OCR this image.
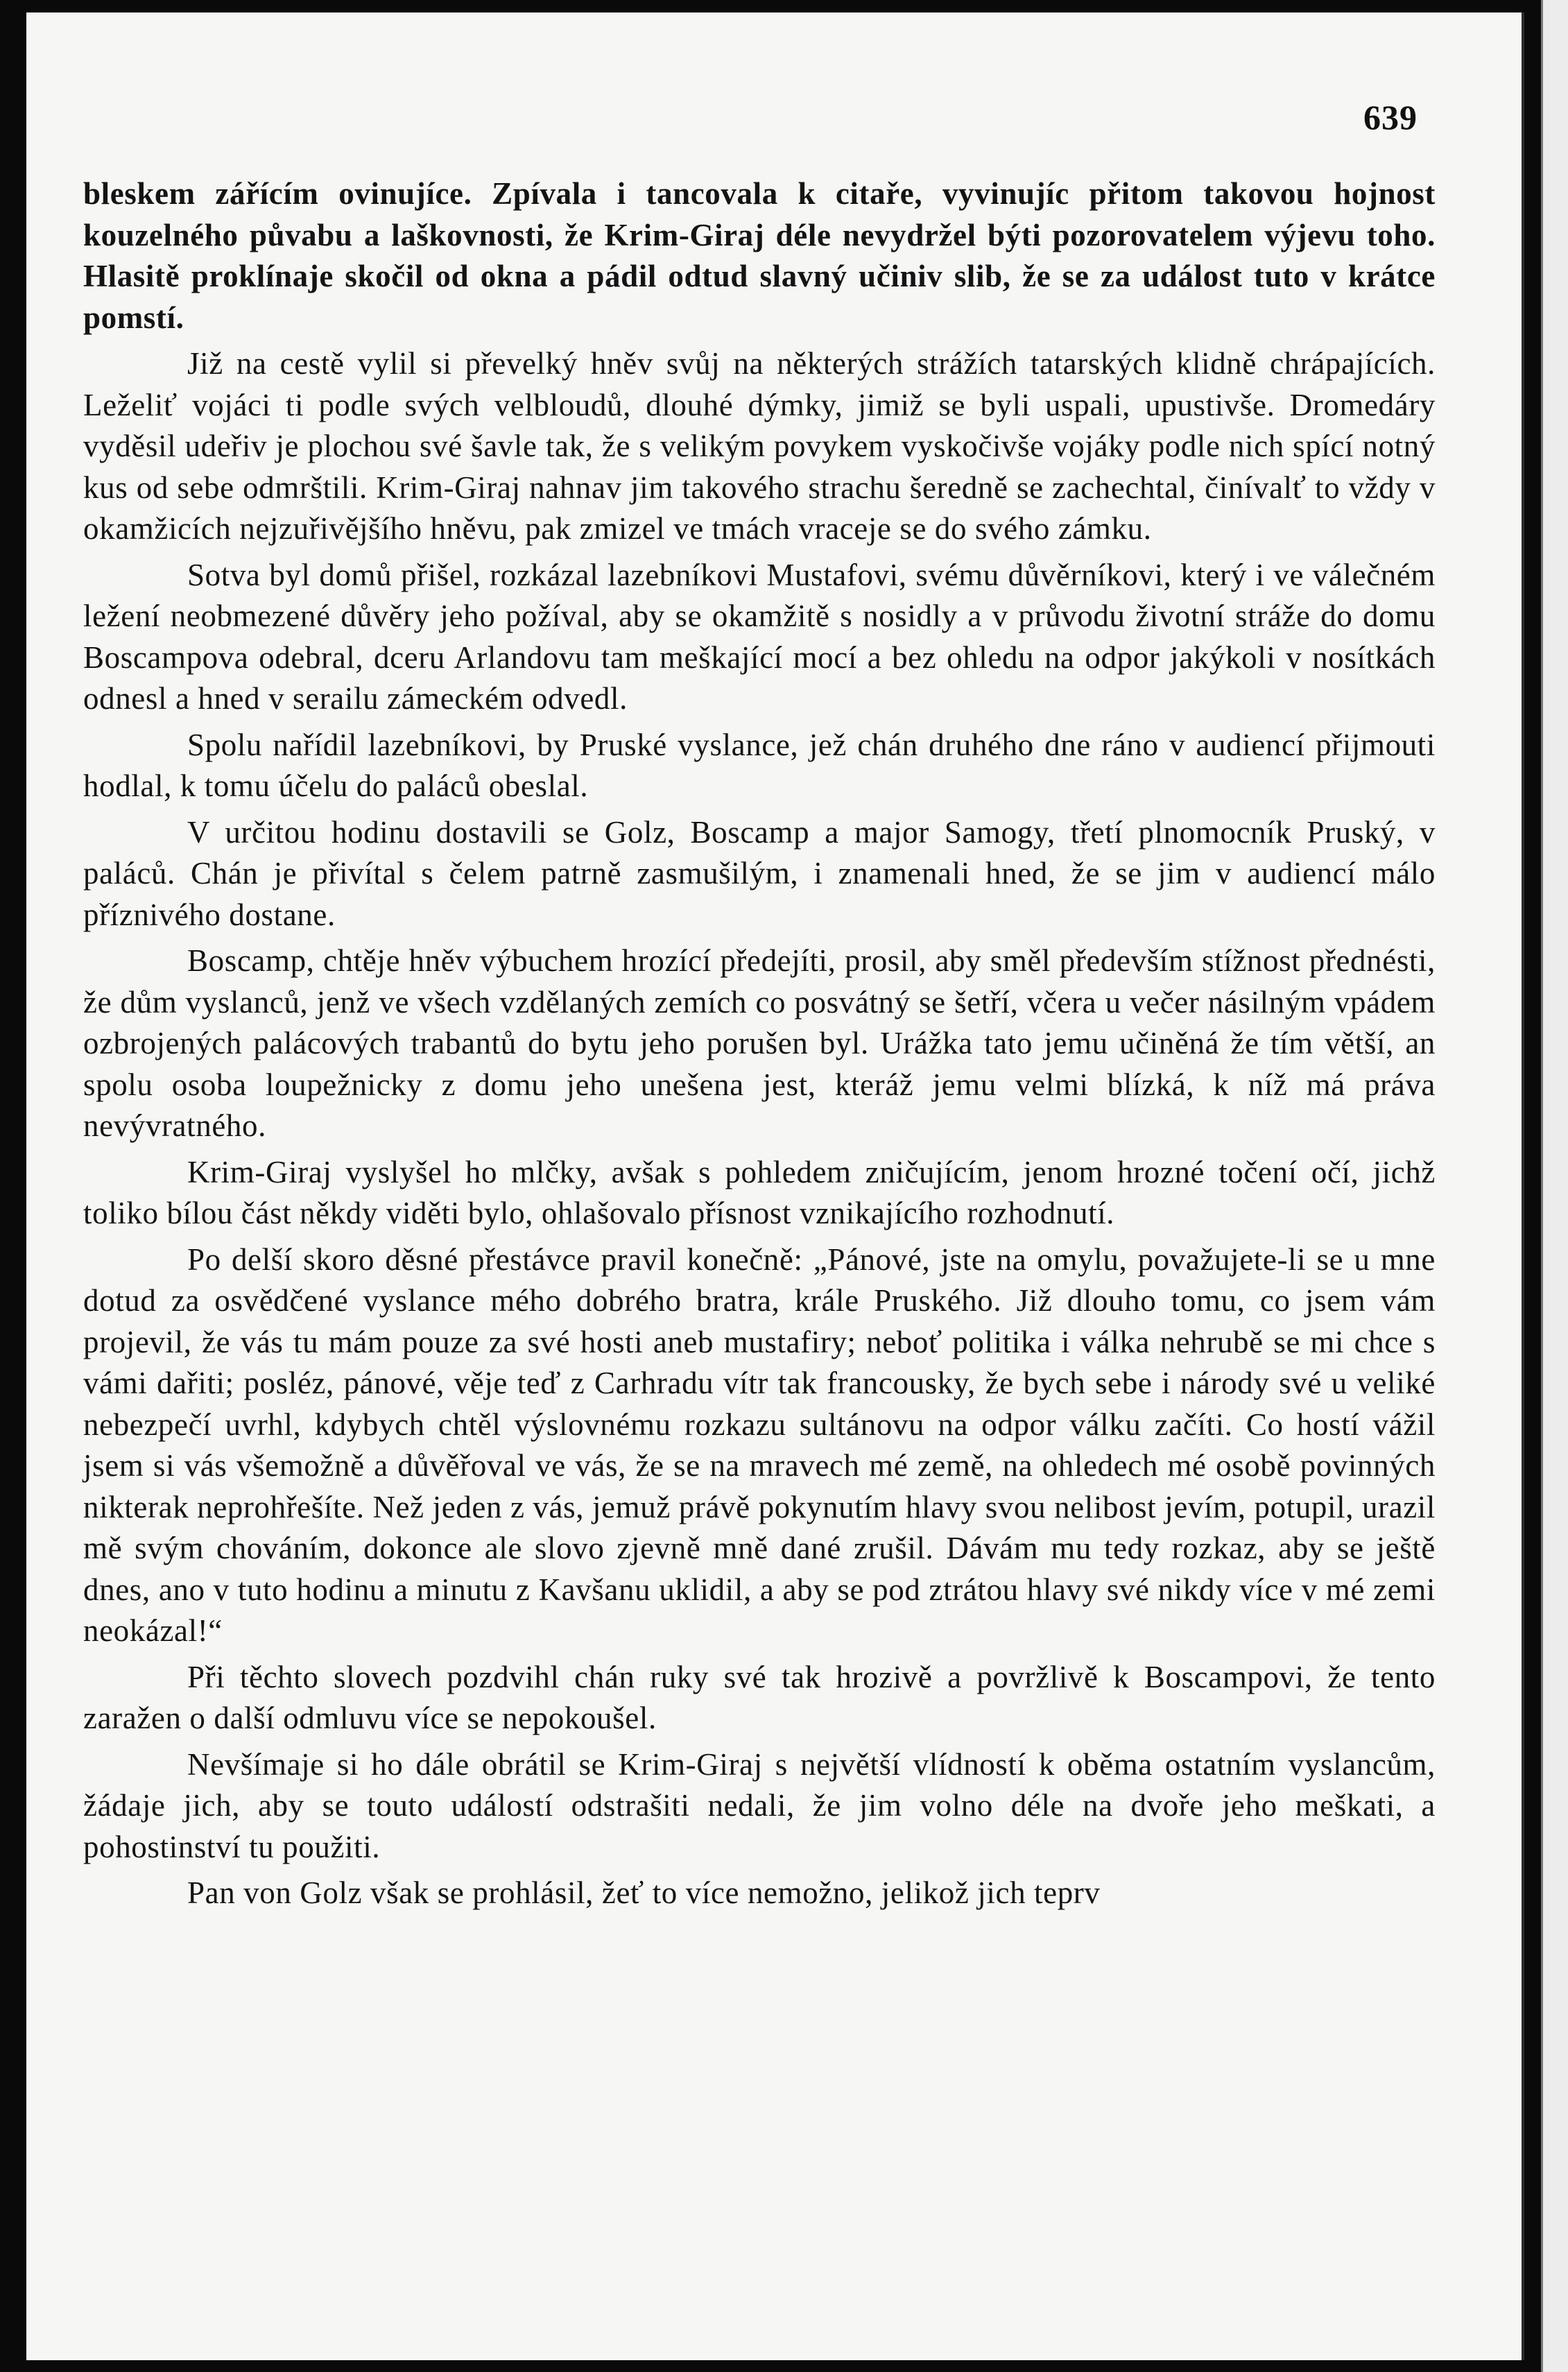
639

bleskem zářícím ovinujíce. Zpívala i tancovala k citaře, vyvinujíc přitom takovou hojnost kouzelného půvabu a laškovnosti, že Krim-Giraj déle nevydržel býti pozorovatelem výjevu toho. Hlasitě proklínaje skočil od okna a pádil odtud slavný učiniv slib, že se za událost tuto v krátce pomstí.

Již na cestě vylil si převelký hněv svůj na některých strážích tatarských klidně chrápajících. Leželiť vojáci ti podle svých velbloudů, dlouhé dýmky, jimiž se byli uspali, upustivše. Dromedáry vyděsil udeřiv je plochou své šavle tak, že s velikým povykem vyskočivše vojáky podle nich spící notný kus od sebe odmrštili. Krim-Giraj nahnav jim takového strachu šeredně se zachechtal, činívalť to vždy v okamžicích nejzuřivějšího hněvu, pak zmizel ve tmách vraceje se do svého zámku.

Sotva byl domů přišel, rozkázal lazebníkovi Mustafovi, svému důvěrníkovi, který i ve válečném ležení neobmezené důvěry jeho požíval, aby se okamžitě s nosidly a v průvodu životní stráže do domu Boscampova odebral, dceru Arlandovu tam meškající mocí a bez ohledu na odpor jakýkoli v nosítkách odnesl a hned v serailu zámeckém odvedl.

Spolu nařídil lazebníkovi, by Pruské vyslance, jež chán druhého dne ráno v audiencí přijmouti hodlal, k tomu účelu do paláců obeslal.

V určitou hodinu dostavili se Golz, Boscamp a major Samogy, třetí plnomocník Pruský, v paláců. Chán je přivítal s čelem patrně zasmušilým, i znamenali hned, že se jim v audiencí málo příznivého dostane.

Boscamp, chtěje hněv výbuchem hrozící předejíti, prosil, aby směl především stížnost přednésti, že dům vyslanců, jenž ve všech vzdělaných zemích co posvátný se šetří, včera u večer násilným vpádem ozbrojených palácových trabantů do bytu jeho porušen byl. Urážka tato jemu učiněná že tím větší, an spolu osoba loupežnicky z domu jeho unešena jest, kteráž jemu velmi blízká, k níž má práva nevývratného.

Krim-Giraj vyslyšel ho mlčky, avšak s pohledem zničujícím, jenom hrozné točení očí, jichž toliko bílou část někdy viděti bylo, ohlašovalo přísnost vznikajícího rozhodnutí.

Po delší skoro děsné přestávce pravil konečně: „Pánové, jste na omylu, považujete-li se u mne dotud za osvědčené vyslance mého dobrého bratra, krále Pruského. Již dlouho tomu, co jsem vám projevil, že vás tu mám pouze za své hosti aneb mustafiry; neboť politika i válka nehrubě se mi chce s vámi dařiti; posléz, pánové, věje teď z Carhradu vítr tak francousky, že bych sebe i národy své u veliké nebezpečí uvrhl, kdybych chtěl výslovnému rozkazu sultánovu na odpor válku začíti. Co hostí vážil jsem si vás všemožně a důvěřoval ve vás, že se na mravech mé země, na ohledech mé osobě povinných nikterak neprohřešíte. Než jeden z vás, jemuž právě pokynutím hlavy svou nelibost jevím, potupil, urazil mě svým chováním, dokonce ale slovo zjevně mně dané zrušil. Dávám mu tedy rozkaz, aby se ještě dnes, ano v tuto hodinu a minutu z Kavšanu uklidil, a aby se pod ztrátou hlavy své nikdy více v mé zemi neokázal!“

Při těchto slovech pozdvihl chán ruky své tak hrozivě a povržlivě k Boscampovi, že tento zaražen o další odmluvu více se nepokoušel.

Nevšímaje si ho dále obrátil se Krim-Giraj s největší vlídností k oběma ostatním vyslancům, žádaje jich, aby se touto událostí odstrašiti nedali, že jim volno déle na dvoře jeho meškati, a pohostinství tu použiti.

Pan von Golz však se prohlásil, žeť to více nemožno, jelikož jich teprv
